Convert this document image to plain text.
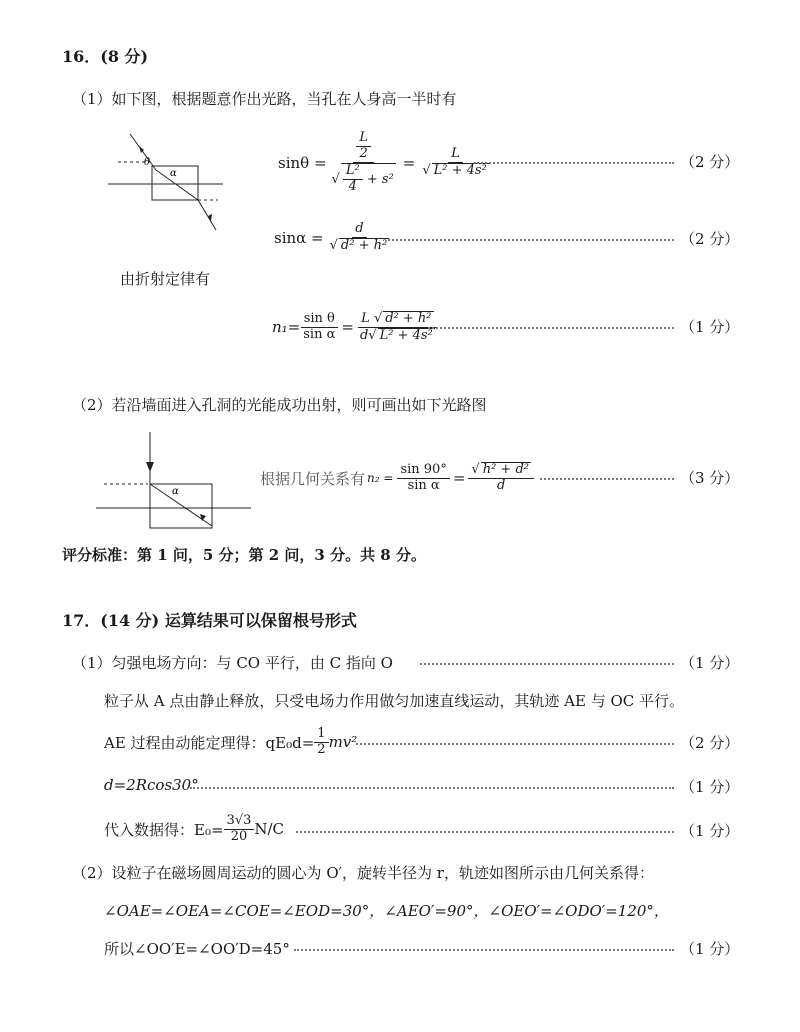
16．(8 分)
（1）如下图，根据题意作出光路，当孔在人身高一半时有
θ
α
$\sin\theta = \frac{\frac{L}{2}}{√ \frac{\text{L²}}{4} + s^2} = \frac{L}{\text{√ L² + 4s²}}$	（2 分）
$\sin\alpha = \frac{d}{\text{√ d² + h²}}$	（2 分）
由折射定律有
$n_1= \frac{\text{sin θ}}{\text{sin α}} = \frac{\text{L √ d² + h²}}{\text{d√ L² + 4s²}}$	（1 分）
（2）若沿墙面进入孔洞的光能成功出射，则可画出如下光路图
α
根据几何关系有 $n_2 = \frac{\sin 90^\circ}{\text{sin α}} = \frac{\text{√ h² + d²}}{d}$	（3 分）
评分标准：第 1 问，5 分；第 2 问，3 分。共 8 分。
17．(14 分) 运算结果可以保留根号形式
（1）匀强电场方向：与 CO 平行，由 C 指向 O	（1 分）
粒子从 A 点由静止释放，只受电场力作用做匀加速直线运动，其轨迹 AE 与 OC 平行。
AE 过程由动能定理得：$qE_0d= \frac{1}{2} mv^2$	（2 分）
d=2Rcos30°	（1 分）
代入数据得：$E_0= \frac{3√3}{20} N/C$	（1 分）
（2）设粒子在磁场圆周运动的圆心为 O′，旋转半径为 r，轨迹如图所示由几何关系得：
∠OAE=∠OEA=∠COE=∠EOD=30°，∠AEO′=90°，∠OEO′=∠ODO′=120°，
所以∠OO′E=∠OO′D=45°	（1 分）
